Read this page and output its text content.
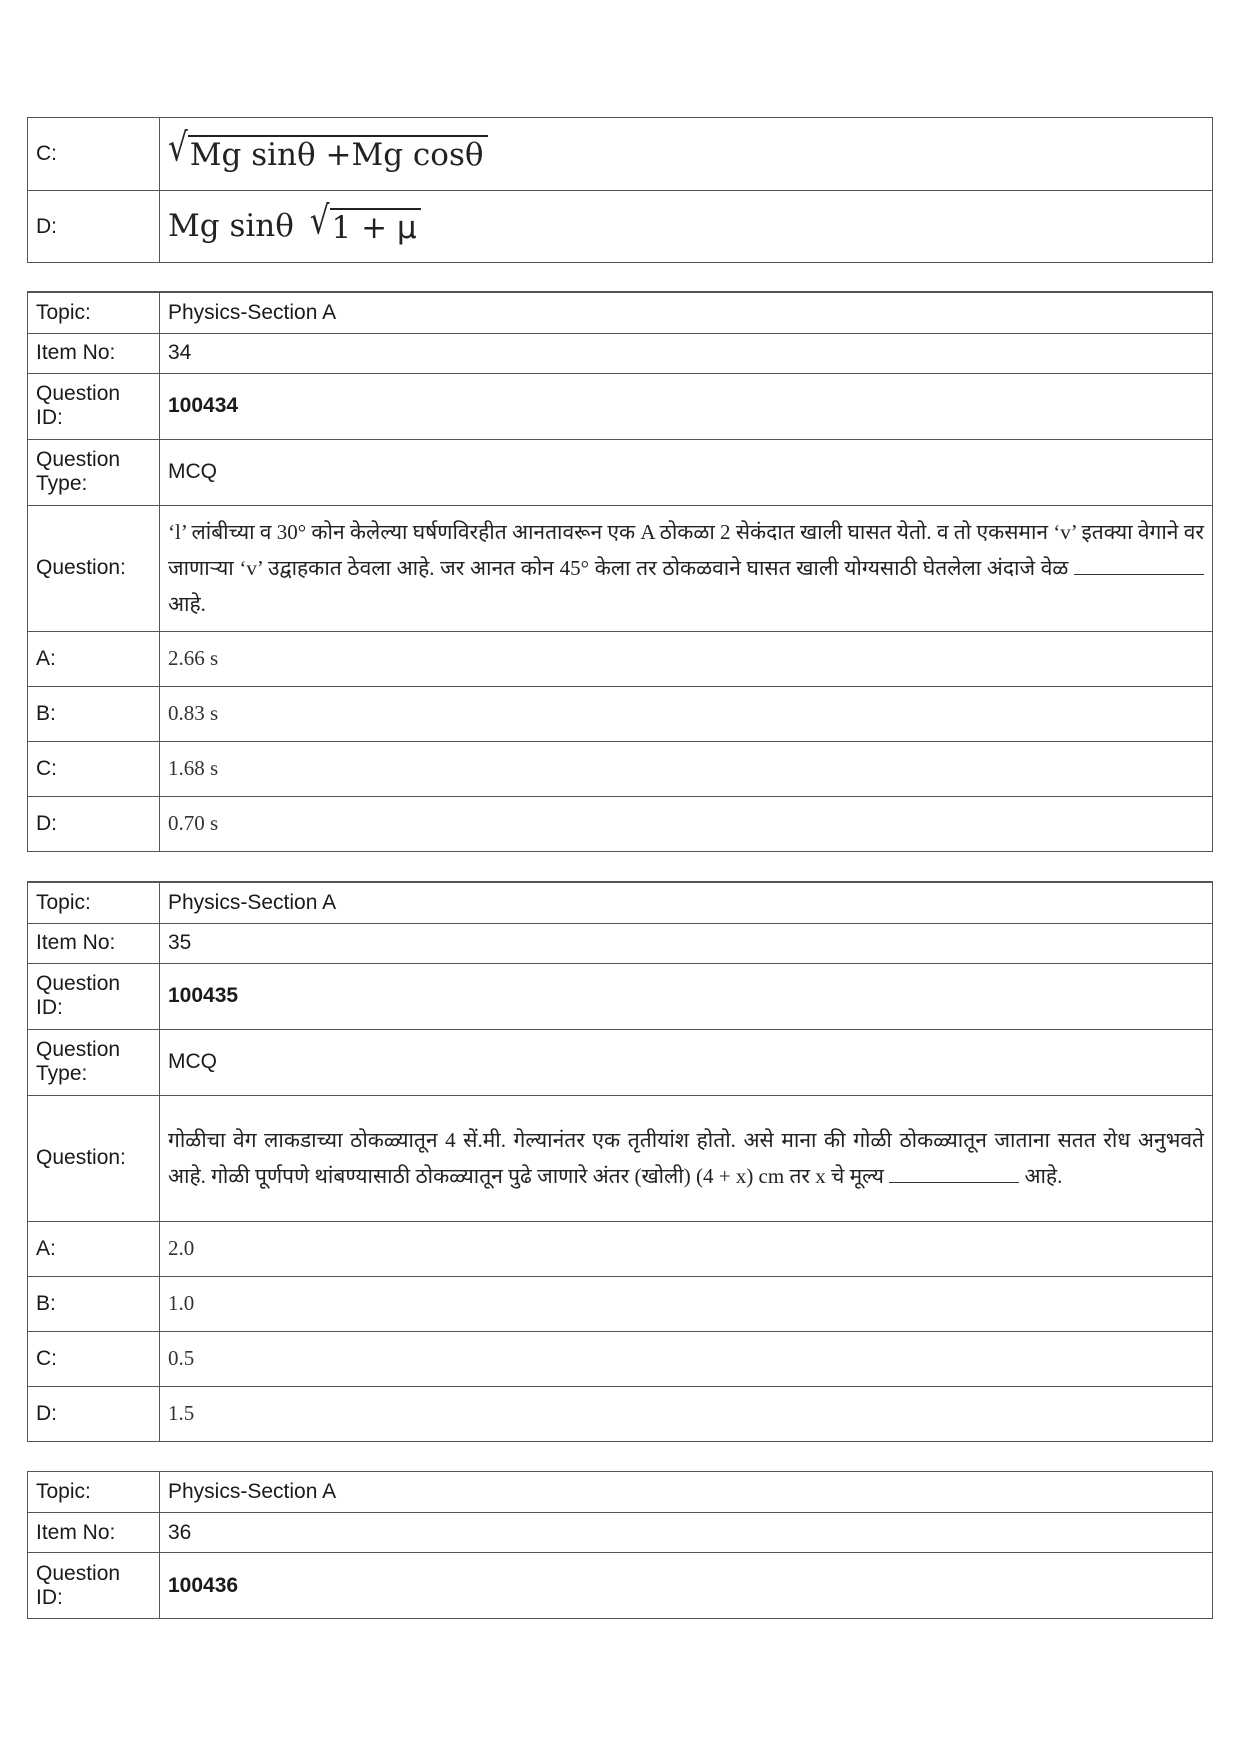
C:	√ Mg sinθ +Mg cosθ

D:	Mg sinθ √ 1 + μ
Topic:	Physics-Section A
Item No:	34
Question ID:	100434
Question Type:	MCQ
Question:	‘l’ लांबीच्या व 30° कोन केलेल्या घर्षणविरहीत आनतावरून एक A ठोकळा 2 सेकंदात खाली घासत येतो. व तो एकसमान ‘v’ इतक्या वेगाने वर जाणाऱ्या ‘v’ उद्वाहकात ठेवला आहे. जर आनत कोन 45° केला तर ठोकळवाने घासत खाली योग्यसाठी घेतलेला अंदाजे वेळ  आहे.
A:	2.66 s
B:	0.83 s
C:	1.68 s
D:	0.70 s
Topic:	Physics-Section A
Item No:	35
Question ID:	100435
Question Type:	MCQ
Question:	गोळीचा वेग लाकडाच्या ठोकळ्यातून 4 सें.मी. गेल्यानंतर एक तृतीयांश होतो. असे माना की गोळी ठोकळ्यातून जाताना सतत रोध अनुभवते आहे. गोळी पूर्णपणे थांबण्यासाठी ठोकळ्यातून पुढे जाणारे अंतर (खोली) (4 + x) cm तर x चे मूल्य आहे.
A:	2.0
B:	1.0
C:	0.5
D:	1.5
Topic:	Physics-Section A
Item No:	36
Question ID:	100436
